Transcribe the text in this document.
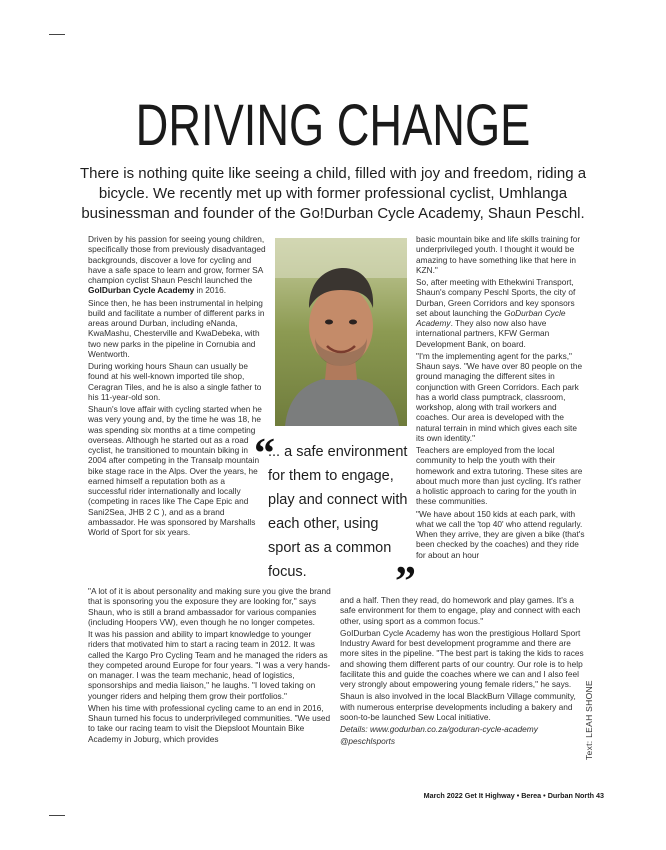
DRIVING CHANGE

There is nothing quite like seeing a child, filled with joy and freedom, riding a bicycle. We recently met up with former professional cyclist, Umhlanga businessman and founder of the Go!Durban Cycle Academy, Shaun Peschl.

Driven by his passion for seeing young children, specifically those from previously disadvantaged backgrounds, discover a love for cycling and have a safe space to learn and grow, former SA champion cyclist Shaun Peschl launched the GoIDurban Cycle Academy in 2016.

Since then, he has been instrumental in helping build and facilitate a number of different parks in areas around Durban, including eNanda, KwaMashu, Chesterville and KwaDebeka, with two new parks in the pipeline in Cornubia and Wentworth.

During working hours Shaun can usually be found at his well-known imported tile shop, Ceragran Tiles, and he is also a single father to his 11-year-old son.

Shaun's love affair with cycling started when he was very young and, by the time he was 18, he was spending six months at a time competing overseas. Although he started out as a road cyclist, he transitioned to mountain biking in 2004 after competing in the Transalp mountain bike stage race in the Alps. Over the years, he earned himself a reputation both as a successful rider internationally and locally (competing in races like The Cape Epic and Sani2Sea, JHB 2 C ), and as a brand ambassador. He was sponsored by Marshalls World of Sport for six years.

“

... a safe environment for them to engage, play and connect with each other, using sport as a common focus.	”

basic mountain bike and life skills training for underprivileged youth. I thought it would be amazing to have something like that here in KZN."

So, after meeting with Ethekwini Transport, Shaun's company Peschl Sports, the city of Durban, Green Corridors and key sponsors set about launching the GoDurban Cycle Academy. They also now also have international partners, KFW German Development Bank, on board.

"I'm the implementing agent for the parks," Shaun says. "We have over 80 people on the ground managing the different sites in conjunction with Green Corridors. Each park has a world class pumptrack, classroom, workshop, along with trail workers and coaches. Our area is developed with the natural terrain in mind which gives each site its own identity."

Teachers are employed from the local community to help the youth with their homework and extra tutoring. These sites are about much more than just cycling. It's rather a holistic approach to caring for the youth in these communities.

"We have about 150 kids at each park, with what we call the 'top 40' who attend regularly. When they arrive, they are given a bike (that's been checked by the coaches) and they ride for about an hour

"A lot of it is about personality and making sure you give the brand that is sponsoring you the exposure they are looking for," says Shaun, who is still a brand ambassador for various companies (including Hoopers VW), even though he no longer competes.

It was his passion and ability to impart knowledge to younger riders that motivated him to start a racing team in 2012. It was called the Kargo Pro Cycling Team and he managed the riders as they competed around Europe for four years. "I was a very hands-on manager. I was the team mechanic, head of logistics, sponsorships and media liaison," he laughs. "I loved taking on younger riders and helping them grow their portfolios."

When his time with professional cycling came to an end in 2016, Shaun turned his focus to underprivileged communities. "We used to take our racing team to visit the Diepsloot Mountain Bike Academy in Joburg, which provides

and a half. Then they read, do homework and play games. It's a safe environment for them to engage, play and connect with each other, using sport as a common focus."

GoIDurban Cycle Academy has won the prestigious Hollard Sport Industry Award for best development programme and there are more sites in the pipeline. "The best part is taking the kids to races and showing them different parts of our country. Our role is to help facilitate this and guide the coaches where we can and I also feel very strongly about empowering young female riders," he says.

Shaun is also involved in the local BlackBurn Village community, with numerous enterprise developments including a bakery and soon-to-be launched Sew Local initiative.

Details: www.godurban.co.za/goduran-cycle-academy

@peschlsports	Text: LEAH SHONE
March 2022 Get It Highway • Berea • Durban North 43
